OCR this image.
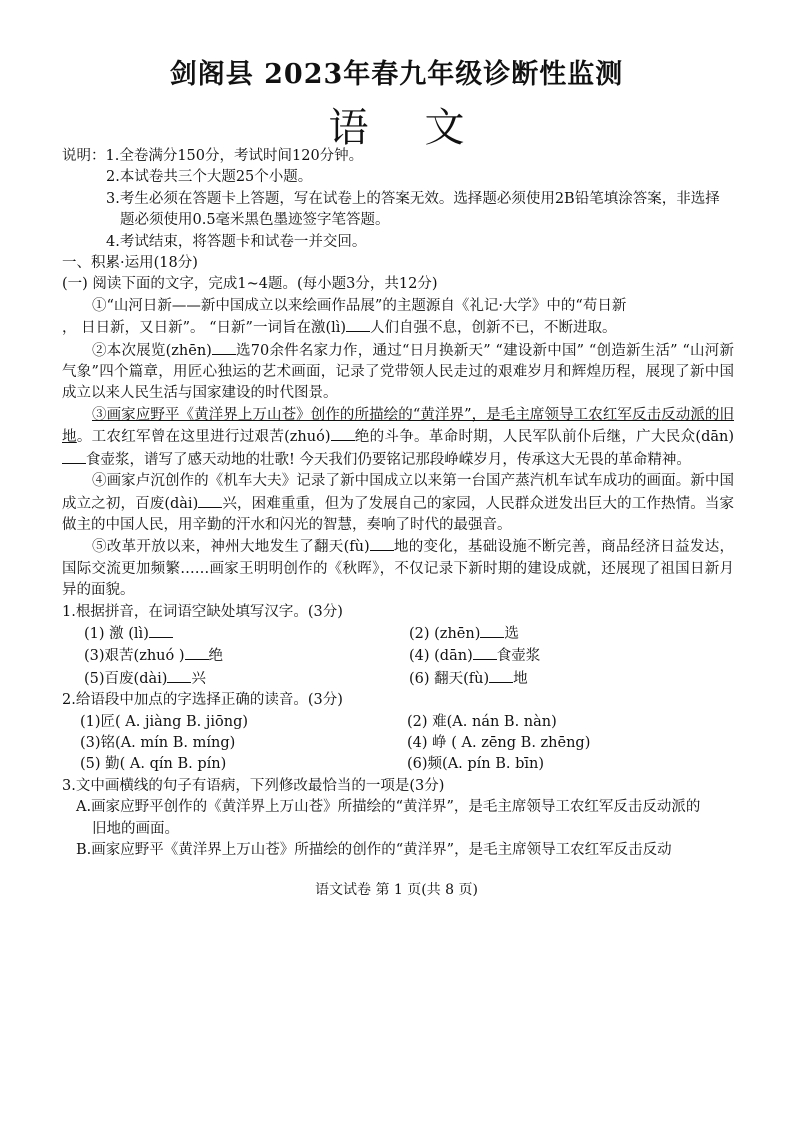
剑阁县 2023年春九年级诊断性监测
语文

说明：1.全卷满分150分，考试时间120分钟。

2.本试卷共三个大题25个小题。

3.考生必须在答题卡上答题，写在试卷上的答案无效。选择题必须使用2B铅笔填涂答案，非选择

题必须使用0.5毫米黑色墨迹签字笔答题。

4.考试结束，将答题卡和试卷一并交回。

一、积累·运用(18分)

(一) 阅读下面的文字，完成1~4题。(每小题3分，共12分)

①“山河日新——新中国成立以来绘画作品展”的主题源自《礼记·大学》中的“苟日新
， 日日新，又日新”。 “日新”一词旨在激(lì) 人们自强不息，创新不已，不断进取。

②本次展览(zhēn) 选70余件名家力作，通过“日月换新天” “建设新中国” “创造新生活” “山河新气象”四个篇章，用匠心独运的艺术画面，记录了党带领人民走过的艰难岁月和辉煌历程，展现了新中国成立以来人民生活与国家建设的时代图景。

③画家应野平《黄洋界上万山苍》创作的所描绘的“黄洋界”，是毛主席领导工农红军反击反动派的旧地。工农红军曾在这里进行过艰苦(zhuó) 绝的斗争。革命时期，人民军队前仆后继，广大民众(dān)食壶浆，谱写了感天动地的壮歌! 今天我们仍要铭记那段峥嵘岁月，传承这大无畏的革命精神。

④画家卢沉创作的《机车大夫》记录了新中国成立以来第一台国产蒸汽机车试车成功的画面。新中国成立之初，百废(dài) 兴，困难重重，但为了发展自己的家园，人民群众迸发出巨大的工作热情。当家做主的中国人民，用辛勤的汗水和闪光的智慧，奏响了时代的最强音。

⑤改革开放以来，神州大地发生了翻天(fù) 地的变化，基础设施不断完善，商品经济日益发达，国际交流更加频繁……画家王明明创作的《秋晖》，不仅记录下新时期的建设成就，还展现了祖国日新月异的面貌。

1.根据拼音，在词语空缺处填写汉字。(3分)

(1) 激 (lì)	(2) (zhēn) 选
(3)艰苦(zhuó ) 绝	(4) (dān) 食壶浆
(5)百废(dài) 兴	(6) 翻天(fù) 地

2.给语段中加点的字选择正确的读音。(3分)

(1)匠( A. jiàng B. jiōng)	(2) 难(A. nán B. nàn)
(3)铭(A. mín B. míng)	(4) 峥 ( A. zēng B. zhēng)
(5) 勤( A. qín B. pín)	(6)频(A. pín B. bīn)

3.文中画横线的句子有语病，下列修改最恰当的一项是(3分)

A.画家应野平创作的《黄洋界上万山苍》所描绘的“黄洋界”，是毛主席领导工农红军反击反动派的

旧地的画面。

B.画家应野平《黄洋界上万山苍》所描绘的创作的“黄洋界”，是毛主席领导工农红军反击反动

语文试卷 第 1 页(共 8 页)
